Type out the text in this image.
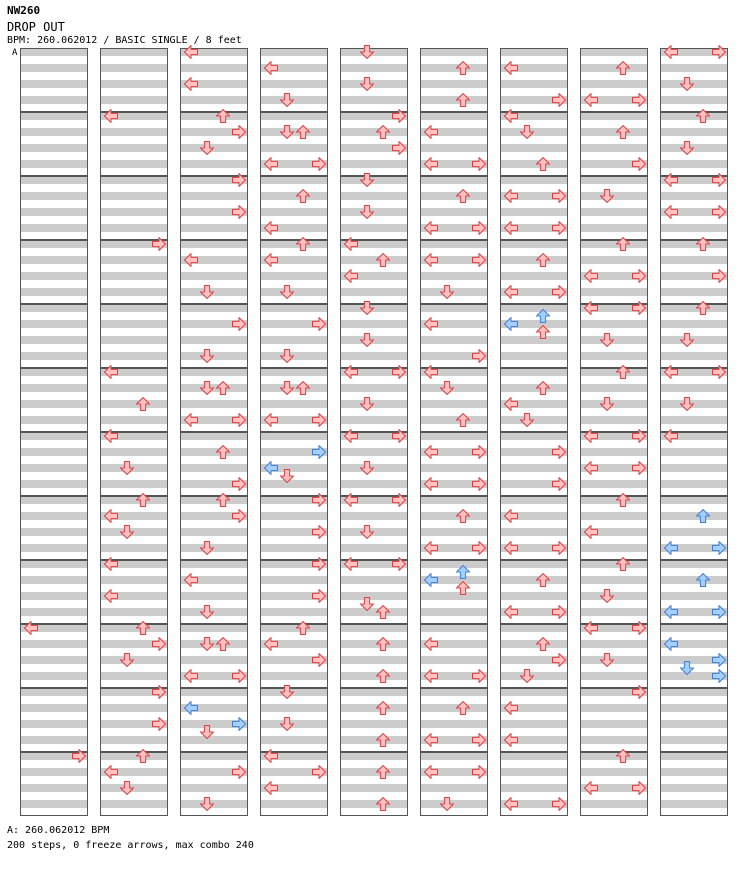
NW260
DROP OUT
BPM: 260.062012 / BASIC SINGLE / 8 feet
A
A: 260.062012 BPM
200 steps, 0 freeze arrows, max combo 240
